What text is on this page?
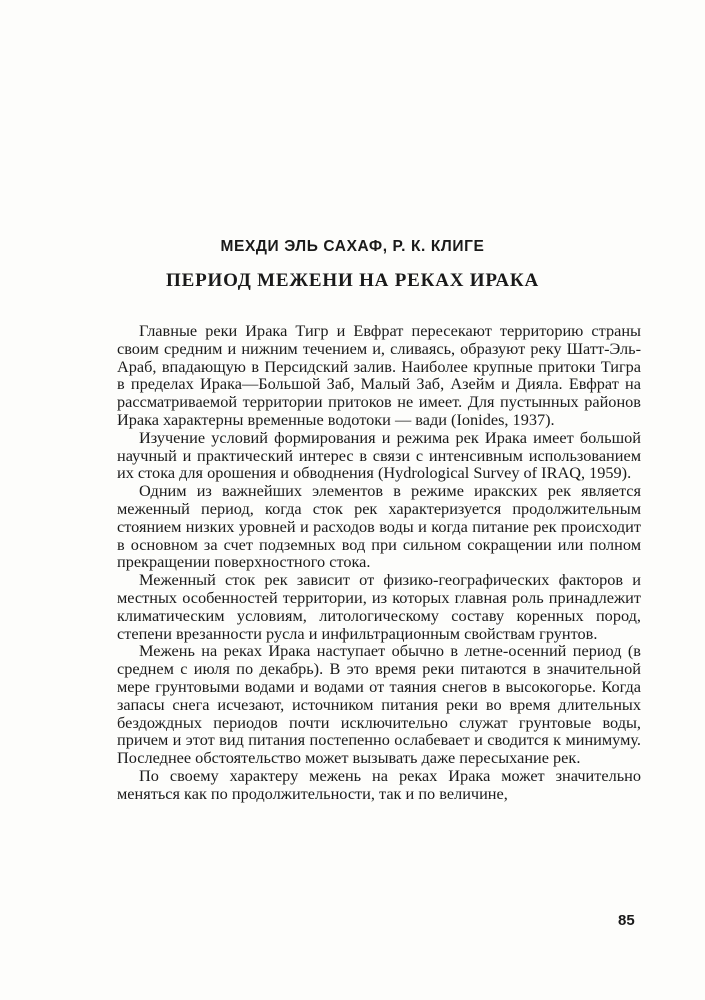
МЕХДИ ЭЛЬ САХАФ, Р. К. КЛИГЕ
ПЕРИОД МЕЖЕНИ НА РЕКАХ ИРАКА

Главные реки Ирака Тигр и Евфрат пересекают территорию страны своим средним и нижним течением и, сливаясь, образуют реку Шатт-Эль-Араб, впадающую в Персидский залив. Наиболее крупные притоки Тигра в пределах Ирака—Большой Заб, Малый Заб, Азейм и Дияла. Евфрат на рассматриваемой территории притоков не имеет. Для пустынных районов Ирака характерны временные водотоки — вади (Ionides, 1937).

Изучение условий формирования и режима рек Ирака имеет большой научный и практический интерес в связи с интенсивным использованием их стока для орошения и обводнения (Hydrological Survey of IRAQ, 1959).

Одним из важнейших элементов в режиме иракских рек является меженный период, когда сток рек характеризуется продолжительным стоянием низких уровней и расходов воды и когда питание рек происходит в основном за счет подземных вод при сильном сокращении или полном прекращении поверхностного стока.

Меженный сток рек зависит от физико-географических факторов и местных особенностей территории, из которых главная роль принадлежит климатическим условиям, литологическому составу коренных пород, степени врезанности русла и инфильтрационным свойствам грунтов.

Межень на реках Ирака наступает обычно в летне-осенний период (в среднем с июля по декабрь). В это время реки питаются в значительной мере грунтовыми водами и водами от таяния снегов в высокогорье. Когда запасы снега исчезают, источником питания реки во время длительных бездождных периодов почти исключительно служат грунтовые воды, причем и этот вид питания постепенно ослабевает и сводится к минимуму. Последнее обстоятельство может вызывать даже пересыхание рек.

По своему характеру межень на реках Ирака может значительно меняться как по продолжительности, так и по величине,

85
